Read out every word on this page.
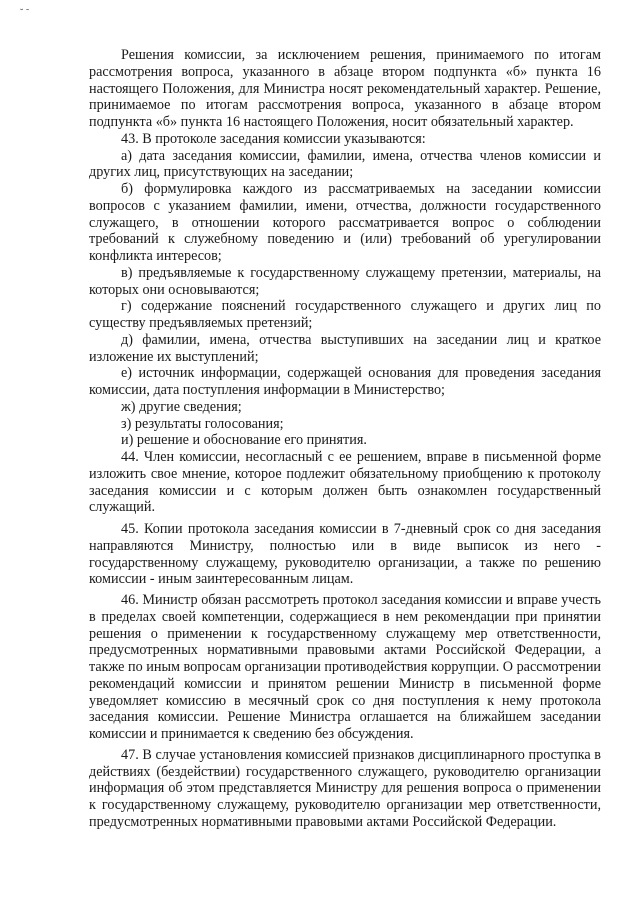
˘ ˜

Решения комиссии, за исключением решения, принимаемого по итогам рассмотрения вопроса, указанного в абзаце втором подпункта «б» пункта 16 настоящего Положения, для Министра носят рекомендательный характер. Решение, принимаемое по итогам рассмотрения вопроса, указанного в абзаце втором подпункта «б» пункта 16 настоящего Положения, носит обязательный характер.

43. В протоколе заседания комиссии указываются:

а) дата заседания комиссии, фамилии, имена, отчества членов комиссии и других лиц, присутствующих на заседании;

б) формулировка каждого из рассматриваемых на заседании комиссии вопросов с указанием фамилии, имени, отчества, должности государственного служащего, в отношении которого рассматривается вопрос о соблюдении требований к служебному поведению и (или) требований об урегулировании конфликта интересов;

в) предъявляемые к государственному служащему претензии, материалы, на которых они основываются;

г) содержание пояснений государственного служащего и других лиц по существу предъявляемых претензий;

д) фамилии, имена, отчества выступивших на заседании лиц и краткое изложение их выступлений;

е) источник информации, содержащей основания для проведения заседания комиссии, дата поступления информации в Министерство;

ж) другие сведения;

з) результаты голосования;

и) решение и обоснование его принятия.

44. Член комиссии, несогласный с ее решением, вправе в письменной форме изложить свое мнение, которое подлежит обязательному приобщению к протоколу заседания комиссии и с которым должен быть ознакомлен государственный служащий.

45. Копии протокола заседания комиссии в 7-дневный срок со дня заседания направляются Министру, полностью или в виде выписок из него - государственному служащему, руководителю организации, а также по решению комиссии - иным заинтересованным лицам.

46. Министр обязан рассмотреть протокол заседания комиссии и вправе учесть в пределах своей компетенции, содержащиеся в нем рекомендации при принятии решения о применении к государственному служащему мер ответственности, предусмотренных нормативными правовыми актами Российской Федерации, а также по иным вопросам организации противодействия коррупции. О рассмотрении рекомендаций комиссии и принятом решении Министр в письменной форме уведомляет комиссию в месячный срок со дня поступления к нему протокола заседания комиссии. Решение Министра оглашается на ближайшем заседании комиссии и принимается к сведению без обсуждения.

47. В случае установления комиссией признаков дисциплинарного проступка в действиях (бездействии) государственного служащего, руководителю организации информация об этом представляется Министру для решения вопроса о применении к государственному служащему, руководителю организации мер ответственности, предусмотренных нормативными правовыми актами Российской Федерации.
